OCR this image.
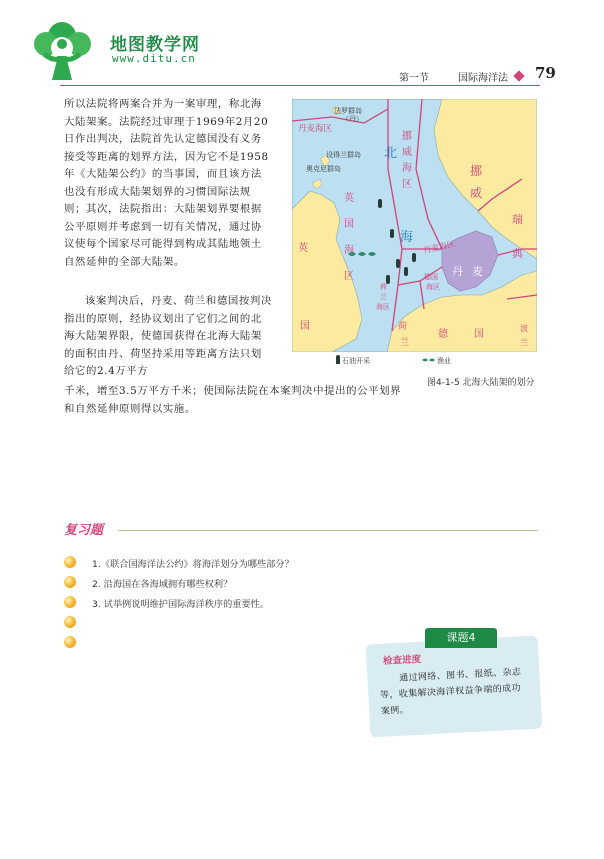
地图教学网
www.ditu.cn
第一节	国际海洋法 79
所以法院将两案合并为一案审理，称北海大陆架案。法院经过审理于1969年2月20日作出判决，法院首先认定德国没有义务接受等距离的划界方法，因为它不是1958年《大陆架公约》的当事国，而且该方法也没有形成大陆架划界的习惯国际法规则；其次，法院指出：大陆架划界要根据公平原则并考虑到一切有关情况，通过协议使每个国家尽可能得到构成其陆地领土自然延伸的全部大陆架。
该案判决后，丹麦、荷兰和德国按判决指出的原则，经协议划出了它们之间的北海大陆架界限，使德国获得在北海大陆架的面积由丹、荷坚持采用等距离方法只划给它的2.4万平方
千米，增至3.5万平方千米；使国际法院在本案判决中提出的公平划界和自然延伸原则得以实施。
法罗群岛
（丹）
丹麦海区
设得兰群岛
奥克尼群岛
北
海
挪
威
海
区
挪
威
瑞
典
英
国
海
区
英
国
丹麦海区
丹 麦
德国
海区
荷
兰
海区
荷
兰
德	国
波
兰
石油开采	渔业
图4-1-5 北海大陆架的划分
复习题
1.《联合国海洋法公约》将海洋划分为哪些部分？
2. 沿海国在各海域拥有哪些权利？
3. 试举例说明维护国际海洋秩序的重要性。
课题4
检查进度
通过网络、图书、报纸、杂志等，收集解决海洋权益争端的成功案例。
